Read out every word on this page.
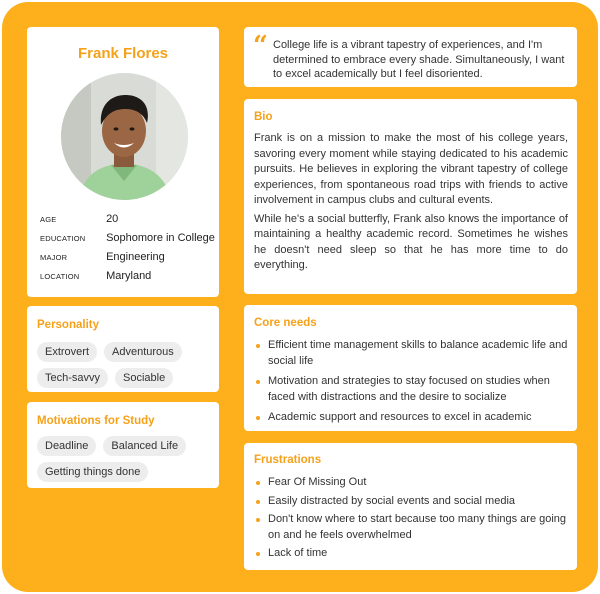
Frank Flores
AGE	20
EDUCATION Sophomore in College
MAJOR	Engineering
LOCATION Maryland
Personality
Extrovert	Adventurous
Tech-savvy	Sociable
Motivations for Study
Deadline	Balanced Life
Getting things done
“ College life is a vibrant tapestry of experiences, and I'm determined to embrace every shade. Simultaneously, I want to excel academically but I feel disoriented.
Bio

Frank is on a mission to make the most of his college years, savoring every moment while staying dedicated to his academic pursuits. He believes in exploring the vibrant tapestry of college experiences, from spontaneous road trips with friends to active involvement in campus clubs and cultural events.

While he's a social butterfly, Frank also knows the importance of maintaining a healthy academic record. Sometimes he wishes he doesn't need sleep so that he has more time to do everything.

Core needs
Efficient time management skills to balance academic life and social life
Motivation and strategies to stay focused on studies when faced with distractions and the desire to socialize
Academic support and resources to excel in academic
Frustrations
Fear Of Missing Out
Easily distracted by social events and social media
Don't know where to start because too many things are going on and he feels overwhelmed
Lack of time
